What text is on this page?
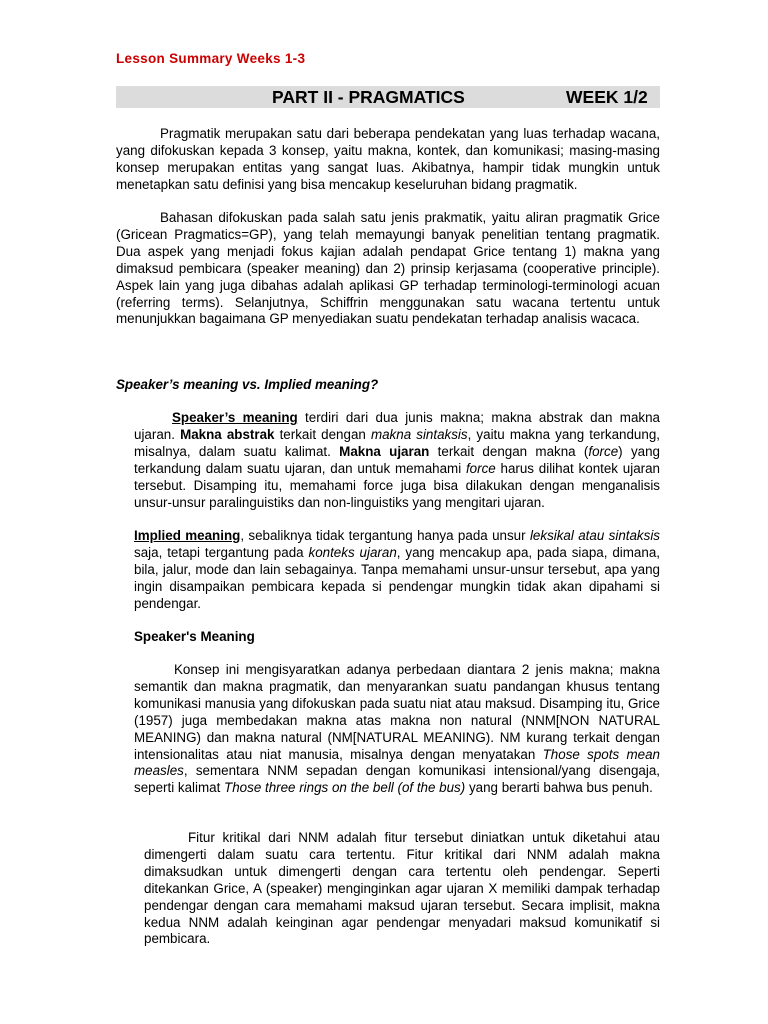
Lesson Summary Weeks 1-3
PART II - PRAGMATICS	WEEK 1/2
Pragmatik merupakan satu dari beberapa pendekatan yang luas terhadap wacana, yang difokuskan kepada 3 konsep, yaitu makna, kontek, dan komunikasi; masing-masing konsep merupakan entitas yang sangat luas. Akibatnya, hampir tidak mungkin untuk menetapkan satu definisi yang bisa mencakup keseluruhan bidang pragmatik.
Bahasan difokuskan pada salah satu jenis prakmatik, yaitu aliran pragmatik Grice (Gricean Pragmatics=GP), yang telah memayungi banyak penelitian tentang pragmatik. Dua aspek yang menjadi fokus kajian adalah pendapat Grice tentang 1) makna yang dimaksud pembicara (speaker meaning) dan 2) prinsip kerjasama (cooperative principle). Aspek lain yang juga dibahas adalah aplikasi GP terhadap terminologi-terminologi acuan (referring terms). Selanjutnya, Schiffrin menggunakan satu wacana tertentu untuk menunjukkan bagaimana GP menyediakan suatu pendekatan terhadap analisis wacaca.
Speaker’s meaning vs. Implied meaning?
Speaker’s meaning terdiri dari dua junis makna; makna abstrak dan makna ujaran. Makna abstrak terkait dengan makna sintaksis, yaitu makna yang terkandung, misalnya, dalam suatu kalimat. Makna ujaran terkait dengan makna (force) yang terkandung dalam suatu ujaran, dan untuk memahami force harus dilihat kontek ujaran tersebut. Disamping itu, memahami force juga bisa dilakukan dengan menganalisis unsur-unsur paralinguistiks dan non-linguistiks yang mengitari ujaran.
Implied meaning, sebaliknya tidak tergantung hanya pada unsur leksikal atau sintaksis saja, tetapi tergantung pada konteks ujaran, yang mencakup apa, pada siapa, dimana, bila, jalur, mode dan lain sebagainya. Tanpa memahami unsur-unsur tersebut, apa yang ingin disampaikan pembicara kepada si pendengar mungkin tidak akan dipahami si pendengar.
Speaker's Meaning
Konsep ini mengisyaratkan adanya perbedaan diantara 2 jenis makna; makna semantik dan makna pragmatik, dan menyarankan suatu pandangan khusus tentang komunikasi manusia yang difokuskan pada suatu niat atau maksud. Disamping itu, Grice (1957) juga membedakan makna atas makna non natural (NNM[NON NATURAL MEANING) dan makna natural (NM[NATURAL MEANING). NM kurang terkait dengan intensionalitas atau niat manusia, misalnya dengan menyatakan Those spots mean measles, sementara NNM sepadan dengan komunikasi intensional/yang disengaja, seperti kalimat Those three rings on the bell (of the bus) yang berarti bahwa bus penuh.
Fitur kritikal dari NNM adalah fitur tersebut diniatkan untuk diketahui atau dimengerti dalam suatu cara tertentu. Fitur kritikal dari NNM adalah makna dimaksudkan untuk dimengerti dengan cara tertentu oleh pendengar. Seperti ditekankan Grice, A (speaker) menginginkan agar ujaran X memiliki dampak terhadap pendengar dengan cara memahami maksud ujaran tersebut. Secara implisit, makna kedua NNM adalah keinginan agar pendengar menyadari maksud komunikatif si pembicara.
